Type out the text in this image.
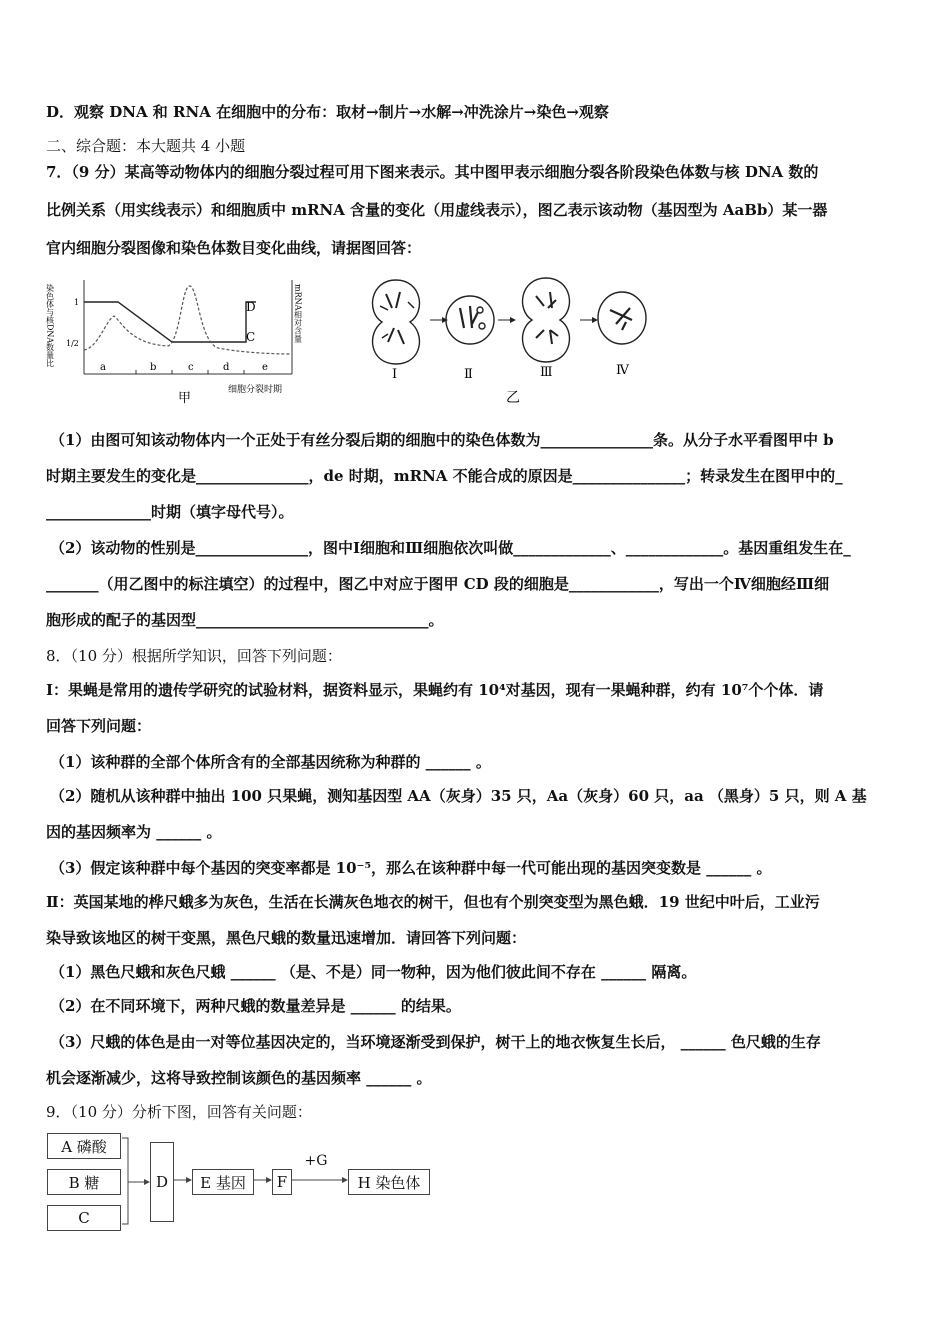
D．观察 DNA 和 RNA 在细胞中的分布：取材→制片→水解→冲洗涂片→染色→观察
二、综合题：本大题共 4 小题
7．（9 分）某高等动物体内的细胞分裂过程可用下图来表示。其中图甲表示细胞分裂各阶段染色体数与核 DNA 数的
比例关系（用实线表示）和细胞质中 mRNA 含量的变化（用虚线表示），图乙表示该动物（基因型为 AaBb）某一器
官内细胞分裂图像和染色体数目变化曲线，请据图回答：
染色体与核DNA数量比	mRNA相对含量
1
1/2
a	b	c	d	e
D
C
细胞分裂时期
甲
Ⅰ	Ⅱ	Ⅲ	Ⅳ
乙
（1）由图可知该动物体内一个正处于有丝分裂后期的细胞中的染色体数为_______________条。从分子水平看图甲中 b
时期主要发生的变化是_______________，de 时期，mRNA 不能合成的原因是_______________；转录发生在图甲中的_
______________时期（填字母代号）。
（2）该动物的性别是_______________，图中Ⅰ细胞和Ⅲ细胞依次叫做_____________、_____________。基因重组发生在_
_______（用乙图中的标注填空）的过程中，图乙中对应于图甲 CD 段的细胞是____________，写出一个Ⅳ细胞经Ⅲ细
胞形成的配子的基因型_______________________________。
8．（10 分）根据所学知识，回答下列问题：
Ⅰ：果蝇是常用的遗传学研究的试验材料，据资料显示，果蝇约有 10⁴对基因，现有一果蝇种群，约有 10⁷个个体．请
回答下列问题：
（1）该种群的全部个体所含有的全部基因统称为种群的 ______ 。
（2）随机从该种群中抽出 100 只果蝇，测知基因型 AA（灰身）35 只，Aa（灰身）60 只，aa （黑身）5 只，则 A 基
因的基因频率为 ______ 。
（3）假定该种群中每个基因的突变率都是 10⁻⁵，那么在该种群中每一代可能出现的基因突变数是 ______ 。
Ⅱ：英国某地的桦尺蛾多为灰色，生活在长满灰色地衣的树干，但也有个别突变型为黑色蛾．19 世纪中叶后，工业污
染导致该地区的树干变黑，黑色尺蛾的数量迅速增加．请回答下列问题：
（1）黑色尺蛾和灰色尺蛾 ______ （是、不是）同一物种，因为他们彼此间不存在 ______ 隔离。
（2）在不同环境下，两种尺蛾的数量差异是 ______ 的结果。
（3）尺蛾的体色是由一对等位基因决定的，当环境逐渐受到保护，树干上的地衣恢复生长后， ______ 色尺蛾的生存
机会逐渐减少，这将导致控制该颜色的基因频率 ______ 。
9．（10 分）分析下图，回答有关问题：
A 磷酸
B 糖
C
D	E 基因	F
+G
H 染色体
